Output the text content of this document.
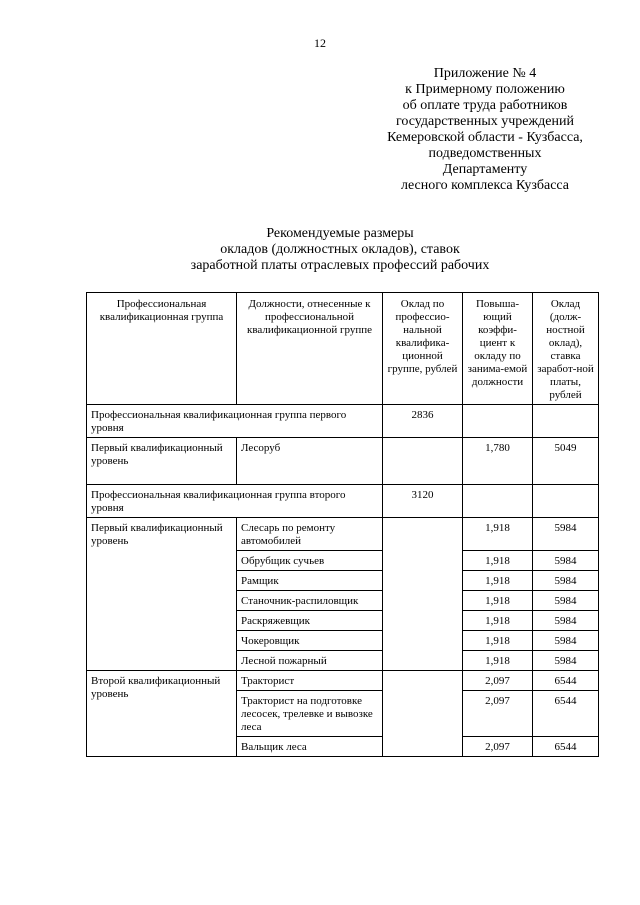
12
Приложение № 4
к Примерному положению
об оплате труда работников
государственных учреждений
Кемеровской области - Кузбасса,
подведомственных
Департаменту
лесного комплекса Кузбасса
Рекомендуемые размеры
окладов (должностных окладов), ставок
заработной платы отраслевых профессий рабочих
Профессиональная квалификационная группа	Должности, отнесенные к профессиональной квалификационной группе	Оклад по профессио-нальной квалифика-ционной группе, рублей	Повыша-ющий коэффи-циент к окладу по занима-емой должности	Оклад (долж-ностной оклад), ставка зарабoт-ной платы, рублей
Профессиональная квалификационная группа первого уровня		2836		
Первый квалификационный уровень	Лесоруб		1,780	5049
Профессиональная квалификационная группа второго уровня		3120		
Первый квалификационный уровень	Слесарь по ремонту автомобилей		1,918	5984
	Обрубщик сучьев		1,918	5984
	Рамщик		1,918	5984
	Станочник-распиловщик		1,918	5984
	Раскряжевщик		1,918	5984
	Чокеровщик		1,918	5984
	Лесной пожарный		1,918	5984
Второй квалификационный уровень	Тракторист		2,097	6544
	Тракторист на подготовке лесосек, трелевке и вывозке леса		2,097	6544
	Вальщик леса		2,097	6544
